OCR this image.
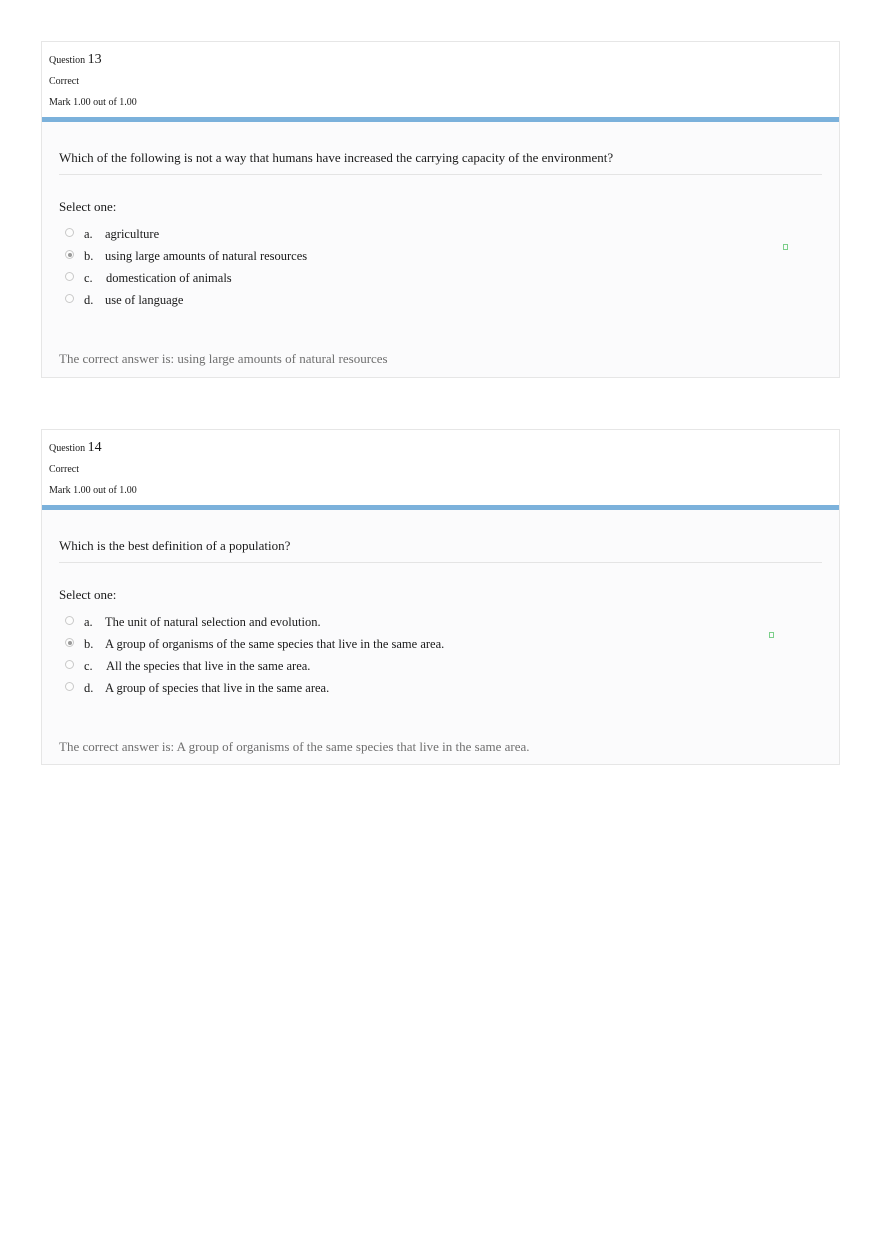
Question 13
Correct
Mark 1.00 out of 1.00
Which of the following is not a way that humans have increased the carrying capacity of the environment?
Select one:
a. agriculture
b. using large amounts of natural resources
c. domestication of animals
d. use of language
The correct answer is: using large amounts of natural resources
Question 14
Correct
Mark 1.00 out of 1.00
Which is the best definition of a population?
Select one:
a. The unit of natural selection and evolution.
b. A group of organisms of the same species that live in the same area.
c. All the species that live in the same area.
d. A group of species that live in the same area.
The correct answer is: A group of organisms of the same species that live in the same area.
